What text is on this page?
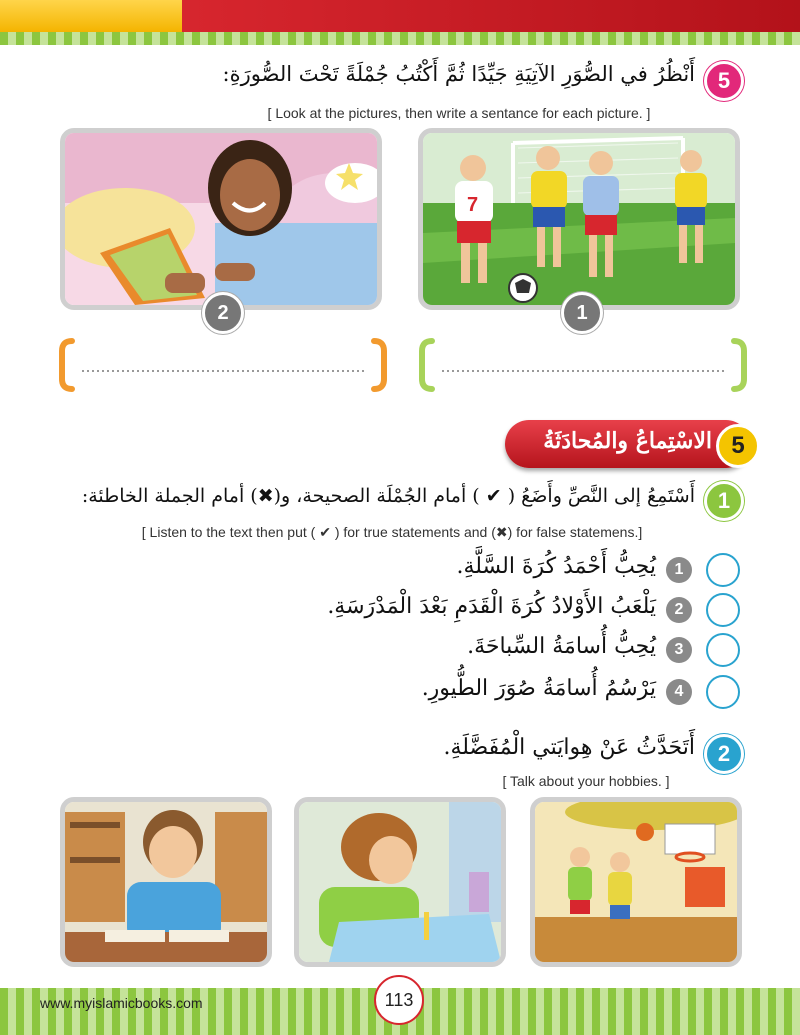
5
أَنْظُرُ في الصُّوَرِ الآتِيَةِ جَيِّدًا ثُمَّ أَكْتُبُ جُمْلَةً تَحْتَ الصُّورَةِ:
[ Look at the pictures, then write a sentance for each picture. ]
7
1
2
الاسْتِماعُ والمُحادَثَةُ 5
1
أَسْتَمِعُ إلى النَّصِّ وأَضَعُ ( ✔ ) أمام الجُمْلَة الصحيحة، و(✖) أمام الجملة الخاطئة:
[ Listen to the text then put ( ✔ ) for true statements and (✖) for false statemens.]
1
يُحِبُّ أَحْمَدُ كُرَةَ السَّلَّةِ.
2
يَلْعَبُ الأَوْلادُ كُرَةَ الْقَدَمِ بَعْدَ الْمَدْرَسَةِ.
3
يُحِبُّ أُسامَةُ السِّباحَةَ.
4
يَرْسُمُ أُسامَةُ صُوَرَ الطُّيورِ.
2
أَتَحَدَّثُ عَنْ هِوايَتي الْمُفَضَّلَةِ.
[ Talk about your hobbies. ]
www.myislamicbooks.com	113
